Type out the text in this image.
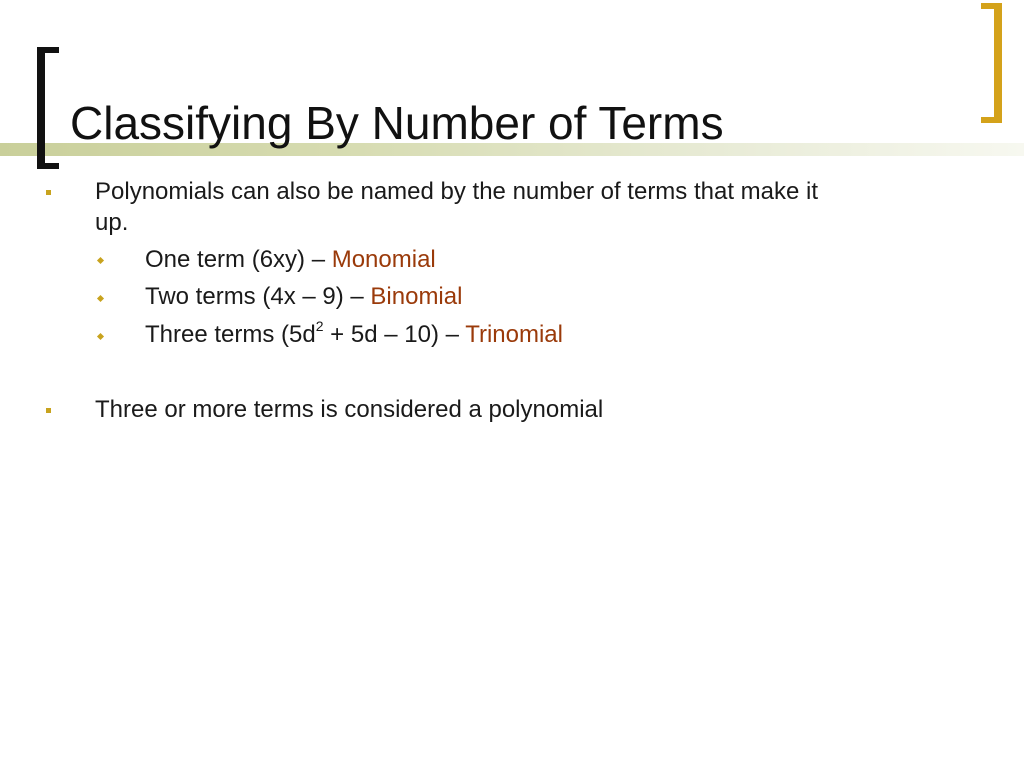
Classifying By Number of Terms
Polynomials can also be named by the number of terms that make it
up.
One term (6xy) – Monomial
Two terms (4x – 9) – Binomial
Three terms $(5d^2 + 5d - 10)$ – Trinomial
Three or more terms is considered a polynomial
